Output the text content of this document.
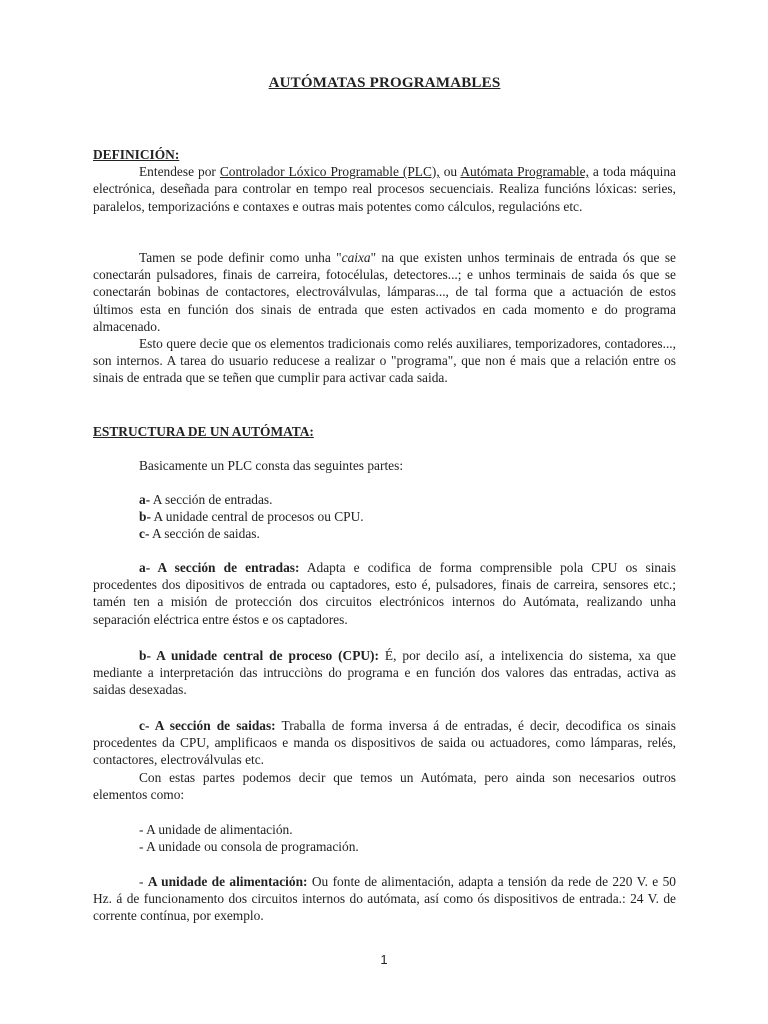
AUTÓMATAS PROGRAMABLES

DEFINICIÓN:

Entendese por Controlador Lóxico Programable (PLC), ou Autómata Programable, a toda máquina electrónica, deseñada para controlar en tempo real procesos secuenciais. Realiza funcións lóxicas: series, paralelos, temporizacións e contaxes e outras mais potentes como cálculos, regulacións etc.

Tamen se pode definir como unha "caixa" na que existen unhos terminais de entrada ós que se conectarán pulsadores, finais de carreira, fotocélulas, detectores...; e unhos terminais de saida ós que se conectarán bobinas de contactores, electroválvulas, lámparas..., de tal forma que a actuación de estos últimos esta en función dos sinais de entrada que esten activados en cada momento e do programa almacenado.

Esto quere decie que os elementos tradicionais como relés auxiliares, temporizadores, contadores..., son internos. A tarea do usuario reducese a realizar o "programa", que non é mais que a relación entre os sinais de entrada que se teñen que cumplir para activar cada saida.

ESTRUCTURA DE UN AUTÓMATA:
Basicamente un PLC consta das seguintes partes:
a- A sección de entradas.
b- A unidade central de procesos ou CPU.
c- A sección de saidas.

a- A sección de entradas: Adapta e codifica de forma comprensible pola CPU os sinais procedentes dos dipositivos de entrada ou captadores, esto é, pulsadores, finais de carreira, sensores etc.; tamén ten a misión de protección dos circuitos electrónicos internos do Autómata, realizando unha separación eléctrica entre éstos e os captadores.

b- A unidade central de proceso (CPU): É, por decilo así, a intelixencia do sistema, xa que mediante a interpretación das intrucciòns do programa e en función dos valores das entradas, activa as saidas desexadas.

c- A sección de saidas: Traballa de forma inversa á de entradas, é decir, decodifica os sinais procedentes da CPU, amplificaos e manda os dispositivos de saida ou actuadores, como lámparas, relés, contactores, electroválvulas etc.

Con estas partes podemos decir que temos un Autómata, pero ainda son necesarios outros elementos como:

- A unidade de alimentación.
- A unidade ou consola de programación.

- A unidade de alimentación: Ou fonte de alimentación, adapta a tensión da rede de 220 V. e 50 Hz. á de funcionamento dos circuitos internos do autómata, así como ós dispositivos de entrada.: 24 V. de corrente contínua, por exemplo.

1
